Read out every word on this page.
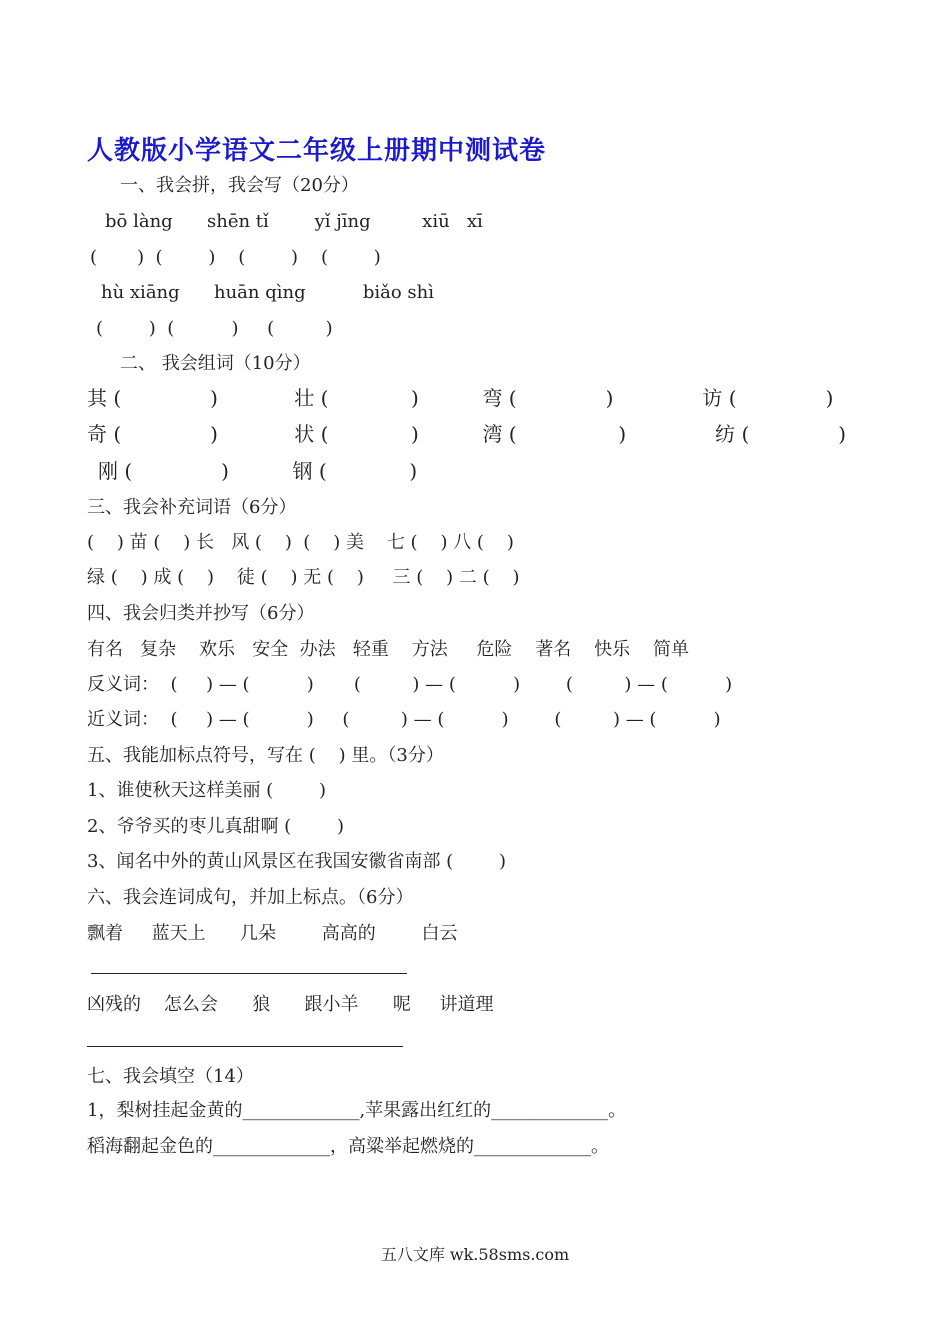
人教版小学语文二年级上册期中测试卷
一、我会拼，我会写（20分）
bō làng      shēn tǐ        yǐ jīng         xiū   xī
(       )  (        )    (        )    (        )
hù xiāng      huān qìng          biǎo shì
(        )  (          )     (         )
二、 我会组词（10分）
其 (              )            壮 (             )          弯 (              )              访 (              )
奇 (              )            状 (             )          湾 (                )              纺 (              )
刚 (              )          钢 (             )
三、我会补充词语（6分）
(    ) 苗 (    ) 长   风 (    )  (    ) 美    七 (    ) 八 (    )
绿 (    ) 成 (    )    徒 (    ) 无 (    )     三 (    ) 二 (    )
四、我会归类并抄写（6分）
有名   复杂    欢乐   安全  办法   轻重    方法     危险    著名    快乐    简单
反义词：  (     ) — (          )       (         ) — (          )        (         ) — (          )
近义词：  (     ) — (          )     (         ) — (          )        (         ) — (          )
五、我能加标点符号，写在 (    ) 里。（3分）
1、谁使秋天这样美丽 (        )
2、爷爷买的枣儿真甜啊 (        )
3、闻名中外的黄山风景区在我国安徽省南部 (        )
六、我会连词成句，并加上标点。（6分）
飘着     蓝天上      几朵        高高的        白云
凶残的    怎么会      狼      跟小羊      呢     讲道理
七、我会填空（14）
1，梨树挂起金黄的_____________,苹果露出红红的_____________。
稻海翻起金色的_____________，高粱举起燃烧的_____________。
五八文库 wk.58sms.com
